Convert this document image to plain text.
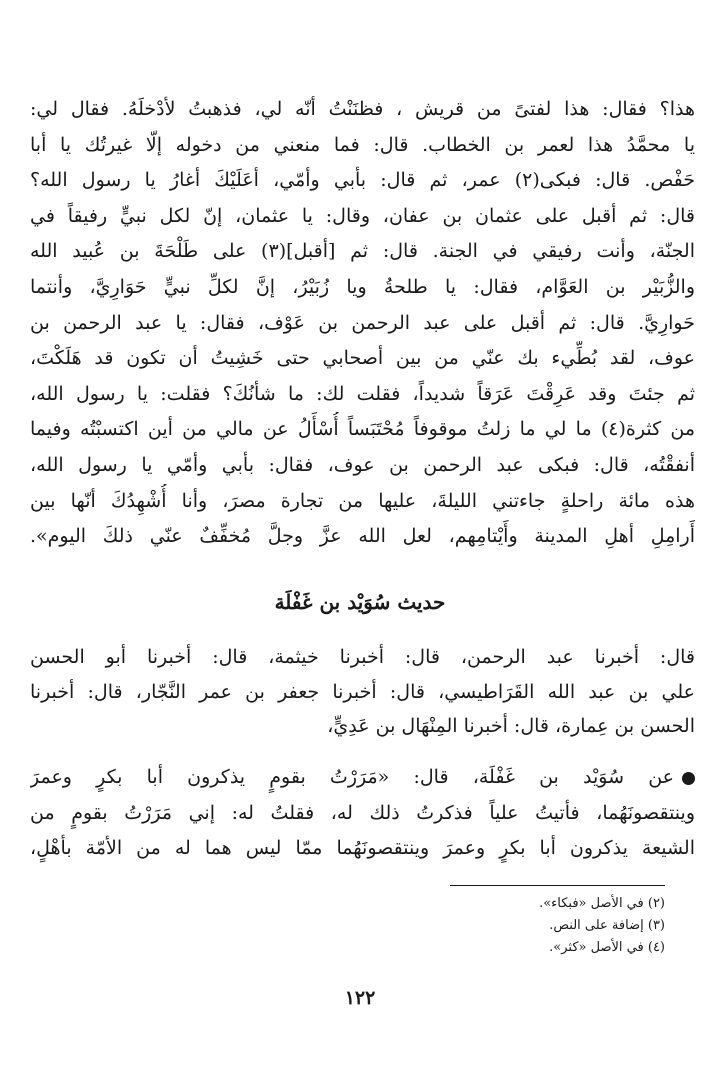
هذا؟ فقال: هذا لفتىً من قريش ، فظنَنْتُ أنّه لي، فذهبتُ لأدْخلَهُ. فقال لي:
يا محمَّدُ هذا لعمر بن الخطاب. قال: فما منعني من دخوله إلّا غيرتُك يا أبا
حَفْص. قال: فبكى(٢) عمر، ثم قال: بأبي وأمّي، أعَلَيْكَ أغارُ يا رسول الله؟
قال: ثم أقبل على عثمان بن عفان، وقال: يا عثمان، إنّ لكل نبيٍّ رفيقاً في
الجنّة، وأنت رفيقي في الجنة. قال: ثم [أقبل](٣) على طَلْحَةَ بن عُبيد الله
والزُّبَيْر بن العَوَّام، فقال: يا طلحةُ ويا زُبَيْرُ، إنَّ لكلِّ نبيٍّ حَوَارِيَّ، وأنتما
حَوارِيَّ. قال: ثم أقبل على عبد الرحمن بن عَوْف، فقال: يا عبد الرحمن بن
عوف، لقد بُطِّيء بك عنّي من بين أصحابي حتى خَشِيتُ أن تكون قد هَلَكْتَ،
ثم جئتَ وقد عَرِقْتَ عَرَقاً شديداً، فقلت لك: ما شأنُكَ؟ فقلت: يا رسول الله،
من كثرة(٤) ما لي ما زلتُ موقوفاً مُحْتَبَساً أُسْأَلُ عن مالي من أين اكتسبْتُه وفيما
أنفقْتُه، قال: فبكى عبد الرحمن بن عوف، فقال: بأبي وأمّي يا رسول الله،
هذه مائة راحلةٍ جاءتني الليلةَ، عليها من تجارة مصرَ، وأنا أُشْهِدُكَ أنّها بين
أَرامِلِ أهلِ المدينة وأَيْتامِهم، لعل الله عزَّ وجلَّ مُخفِّفٌ عنّي ذلكَ اليوم».
حديث سُوَيْد بن غَفْلَة
قال: أخبرنا عبد الرحمن، قال: أخبرنا خيثمة، قال: أخبرنا أبو الحسن
علي بن عبد الله القَرَاطيسي، قال: أخبرنا جعفر بن عمر النَّجّار، قال: أخبرنا
الحسن بن عِمارة، قال: أخبرنا المِنْهَال بن عَدِيٍّ،
عن سُوَيْد بن غَفْلَة، قال: «مَرَرْتُ بقومٍ يذكرون أبا بكرٍ وعمرَ
وينتقصونَهُما، فأتيتُ علياً فذكرتُ ذلك له، فقلتُ له: إني مَرَرْتُ بقومٍ من
الشيعة يذكرون أبا بكرٍ وعمرَ وينتقصونَهُما ممّا ليس هما له من الأمّة بأهْلٍ،
(٢) في الأصل «فبكاء».
(٣) إضافة على النص.
(٤) في الأصل «كثر».
١٢٢
